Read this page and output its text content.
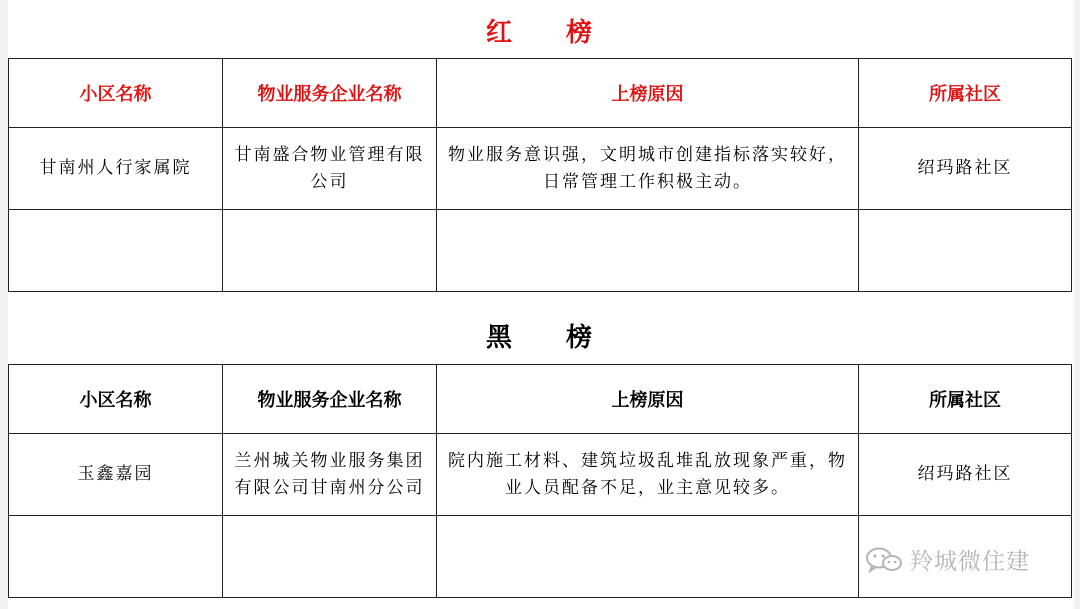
红 榜
小区名称	物业服务企业名称	上榜原因	所属社区
甘南州人行家属院	甘南盛合物业管理有限公司	物业服务意识强，文明城市创建指标落实较好，日常管理工作积极主动。	绍玛路社区

黑 榜
小区名称	物业服务企业名称	上榜原因	所属社区
玉鑫嘉园	兰州城关物业服务集团有限公司甘南州分公司	院内施工材料、建筑垃圾乱堆乱放现象严重，物业人员配备不足，业主意见较多。	绍玛路社区

羚城微住建
